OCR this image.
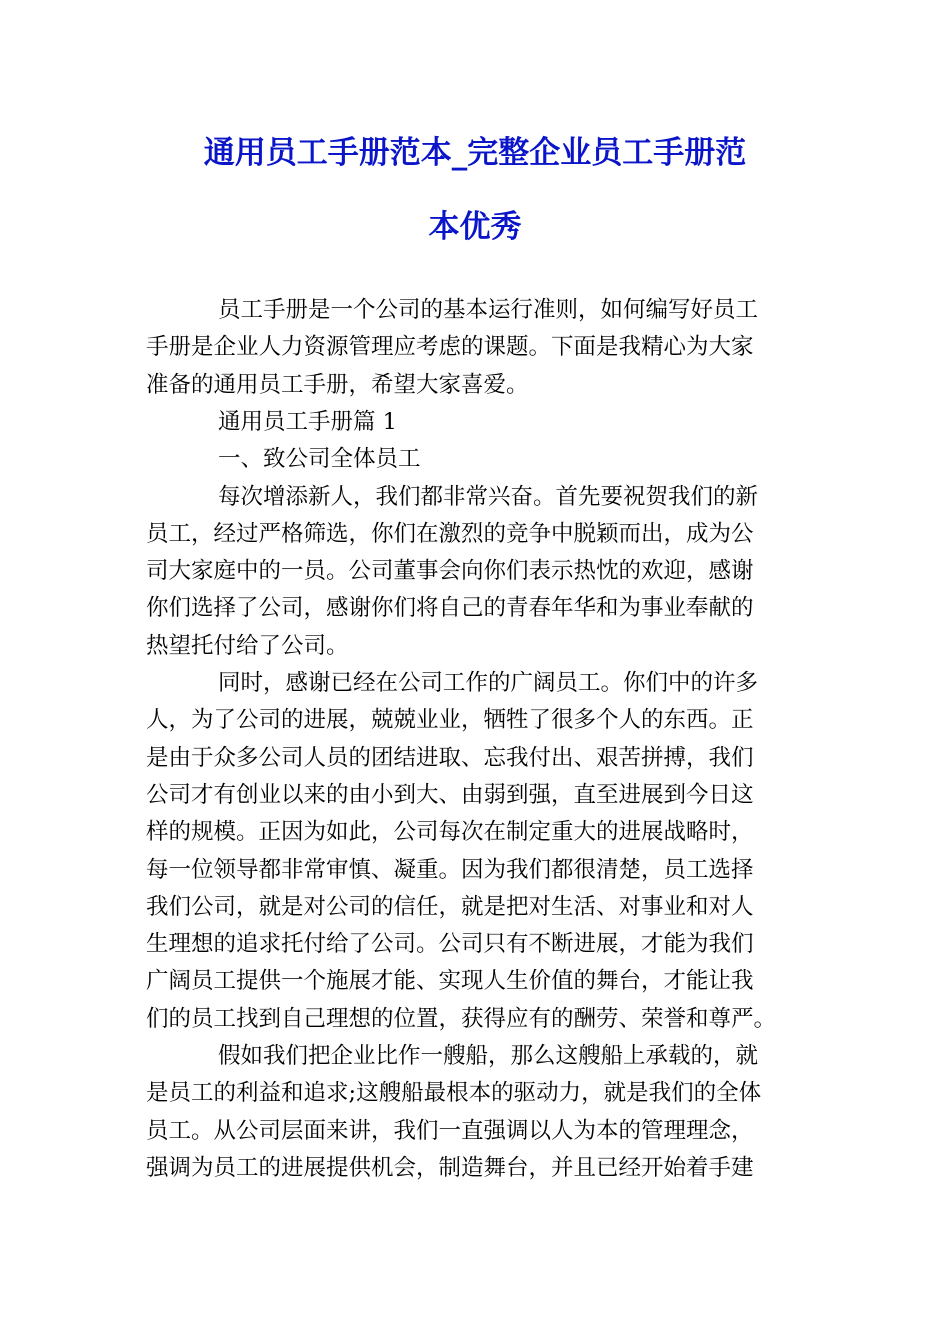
通用员工手册范本_完整企业员工手册范
本优秀
员工手册是一个公司的基本运行准则，如何编写好员工
手册是企业人力资源管理应考虑的课题。下面是我精心为大家
准备的通用员工手册，希望大家喜爱。
通用员工手册篇 1
一、致公司全体员工
每次增添新人，我们都非常兴奋。首先要祝贺我们的新
员工，经过严格筛选，你们在激烈的竞争中脱颖而出，成为公
司大家庭中的一员。公司董事会向你们表示热忱的欢迎，感谢
你们选择了公司，感谢你们将自己的青春年华和为事业奉献的
热望托付给了公司。
同时，感谢已经在公司工作的广阔员工。你们中的许多
人，为了公司的进展，兢兢业业，牺牲了很多个人的东西。正
是由于众多公司人员的团结进取、忘我付出、艰苦拼搏，我们
公司才有创业以来的由小到大、由弱到强，直至进展到今日这
样的规模。正因为如此，公司每次在制定重大的进展战略时，
每一位领导都非常审慎、凝重。因为我们都很清楚，员工选择
我们公司，就是对公司的信任，就是把对生活、对事业和对人
生理想的追求托付给了公司。公司只有不断进展，才能为我们
广阔员工提供一个施展才能、实现人生价值的舞台，才能让我
们的员工找到自己理想的位置，获得应有的酬劳、荣誉和尊严。
假如我们把企业比作一艘船，那么这艘船上承载的，就
是员工的利益和追求;这艘船最根本的驱动力，就是我们的全体
员工。从公司层面来讲，我们一直强调以人为本的管理理念，
强调为员工的进展提供机会，制造舞台，并且已经开始着手建
